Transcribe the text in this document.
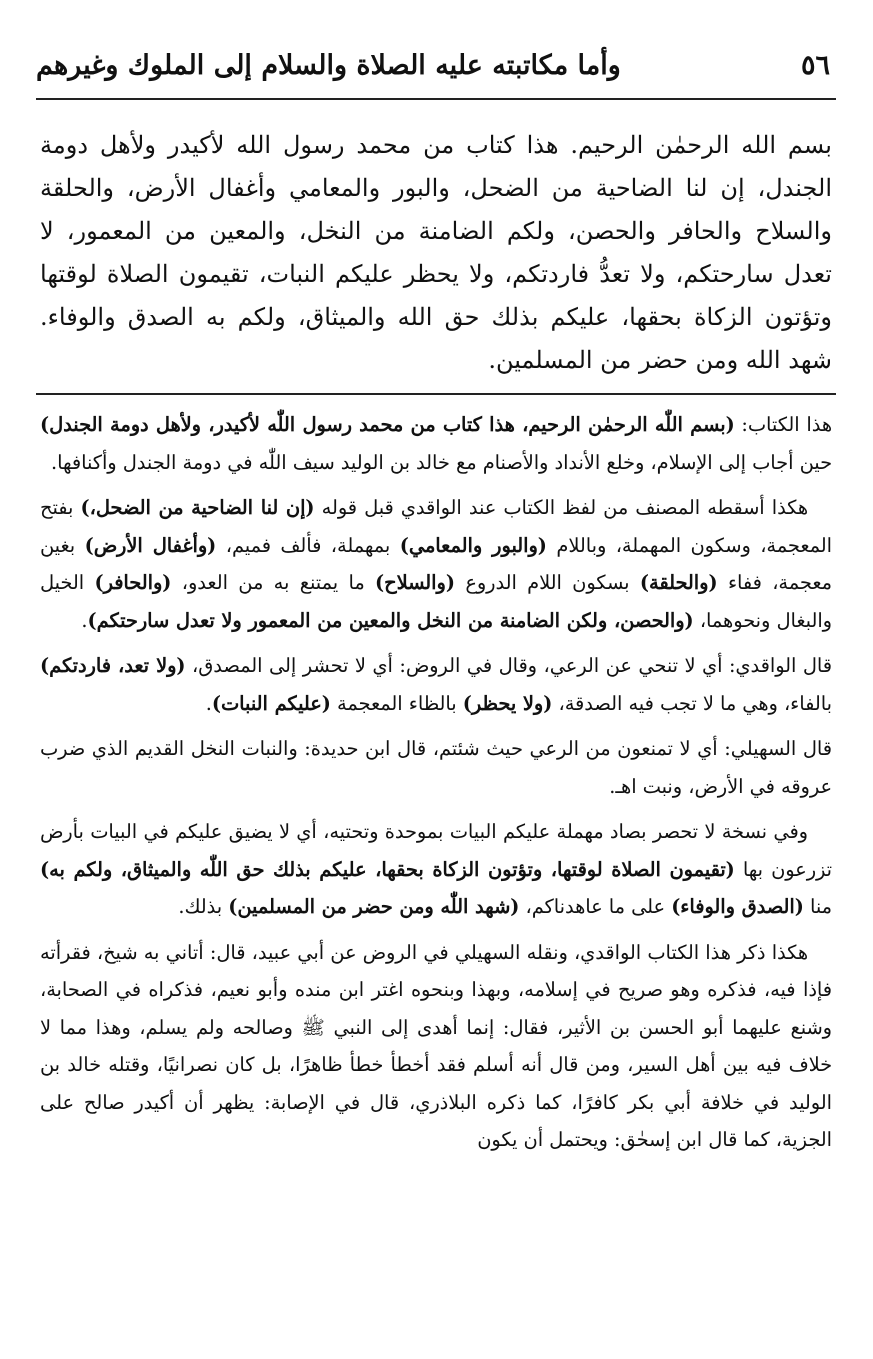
٥٦
وأما مكاتبته عليه الصلاة والسلام إلى الملوك وغيرهم
بسم الله الرحمٰن الرحيم. هذا كتاب من محمد رسول الله لأكيدر ولأهل دومة الجندل، إن لنا الضاحية من الضحل، والبور والمعامي وأغفال الأرض، والحلقة والسلاح والحافر والحصن، ولكم الضامنة من النخل، والمعين من المعمور، لا تعدل سارحتكم، ولا تعدُّ فاردتكم، ولا يحظر عليكم النبات، تقيمون الصلاة لوقتها وتؤتون الزكاة بحقها، عليكم بذلك حق الله والميثاق، ولكم به الصدق والوفاء. شهد الله ومن حضر من المسلمين.

هذا الكتاب: (بسم اللّٰه الرحمٰن الرحيم، هذا كتاب من محمد رسول اللّٰه لأكيدر، ولأهل دومة الجندل) حين أجاب إلى الإسلام، وخلع الأنداد والأصنام مع خالد بن الوليد سيف اللّٰه في دومة الجندل وأكنافها.

هكذا أسقطه المصنف من لفظ الكتاب عند الواقدي قبل قوله (إن لنا الضاحية من الضحل،) بفتح المعجمة، وسكون المهملة، وباللام (والبور والمعامي) بمهملة، فألف فميم، (وأغفال الأرض) بغين معجمة، ففاء (والحلقة) بسكون اللام الدروع (والسلاح) ما يمتنع به من العدو، (والحافر) الخيل والبغال ونحوهما، (والحصن، ولكن الضامنة من النخل والمعين من المعمور ولا تعدل سارحتكم).

قال الواقدي: أي لا تنحي عن الرعي، وقال في الروض: أي لا تحشر إلى المصدق، (ولا تعد، فاردتكم) بالفاء، وهي ما لا تجب فيه الصدقة، (ولا يحظر) بالظاء المعجمة (عليكم النبات).

قال السهيلي: أي لا تمنعون من الرعي حيث شئتم، قال ابن حديدة: والنبات النخل القديم الذي ضرب عروقه في الأرض، ونبت اهـ.

وفي نسخة لا تحصر بصاد مهملة عليكم البيات بموحدة وتحتيه، أي لا يضيق عليكم في البيات بأرض تزرعون بها (تقيمون الصلاة لوقتها، وتؤتون الزكاة بحقها، عليكم بذلك حق اللّٰه والميثاق، ولكم به) منا (الصدق والوفاء) على ما عاهدناكم، (شهد اللّٰه ومن حضر من المسلمين) بذلك.

هكذا ذكر هذا الكتاب الواقدي، ونقله السهيلي في الروض عن أبي عبيد، قال: أتاني به شيخ، فقرأته فإذا فيه، فذكره وهو صريح في إسلامه، وبهذا وبنحوه اغتر ابن منده وأبو نعيم، فذكراه في الصحابة، وشنع عليهما أبو الحسن بن الأثير، فقال: إنما أهدى إلى النبي ﷺ وصالحه ولم يسلم، وهذا مما لا خلاف فيه بين أهل السير، ومن قال أنه أسلم فقد أخطأ خطأ ظاهرًا، بل كان نصرانيًا، وقتله خالد بن الوليد في خلافة أبي بكر كافرًا، كما ذكره البلاذري، قال في الإصابة: يظهر أن أكيدر صالح على الجزية، كما قال ابن إسحٰق: ويحتمل أن يكون
